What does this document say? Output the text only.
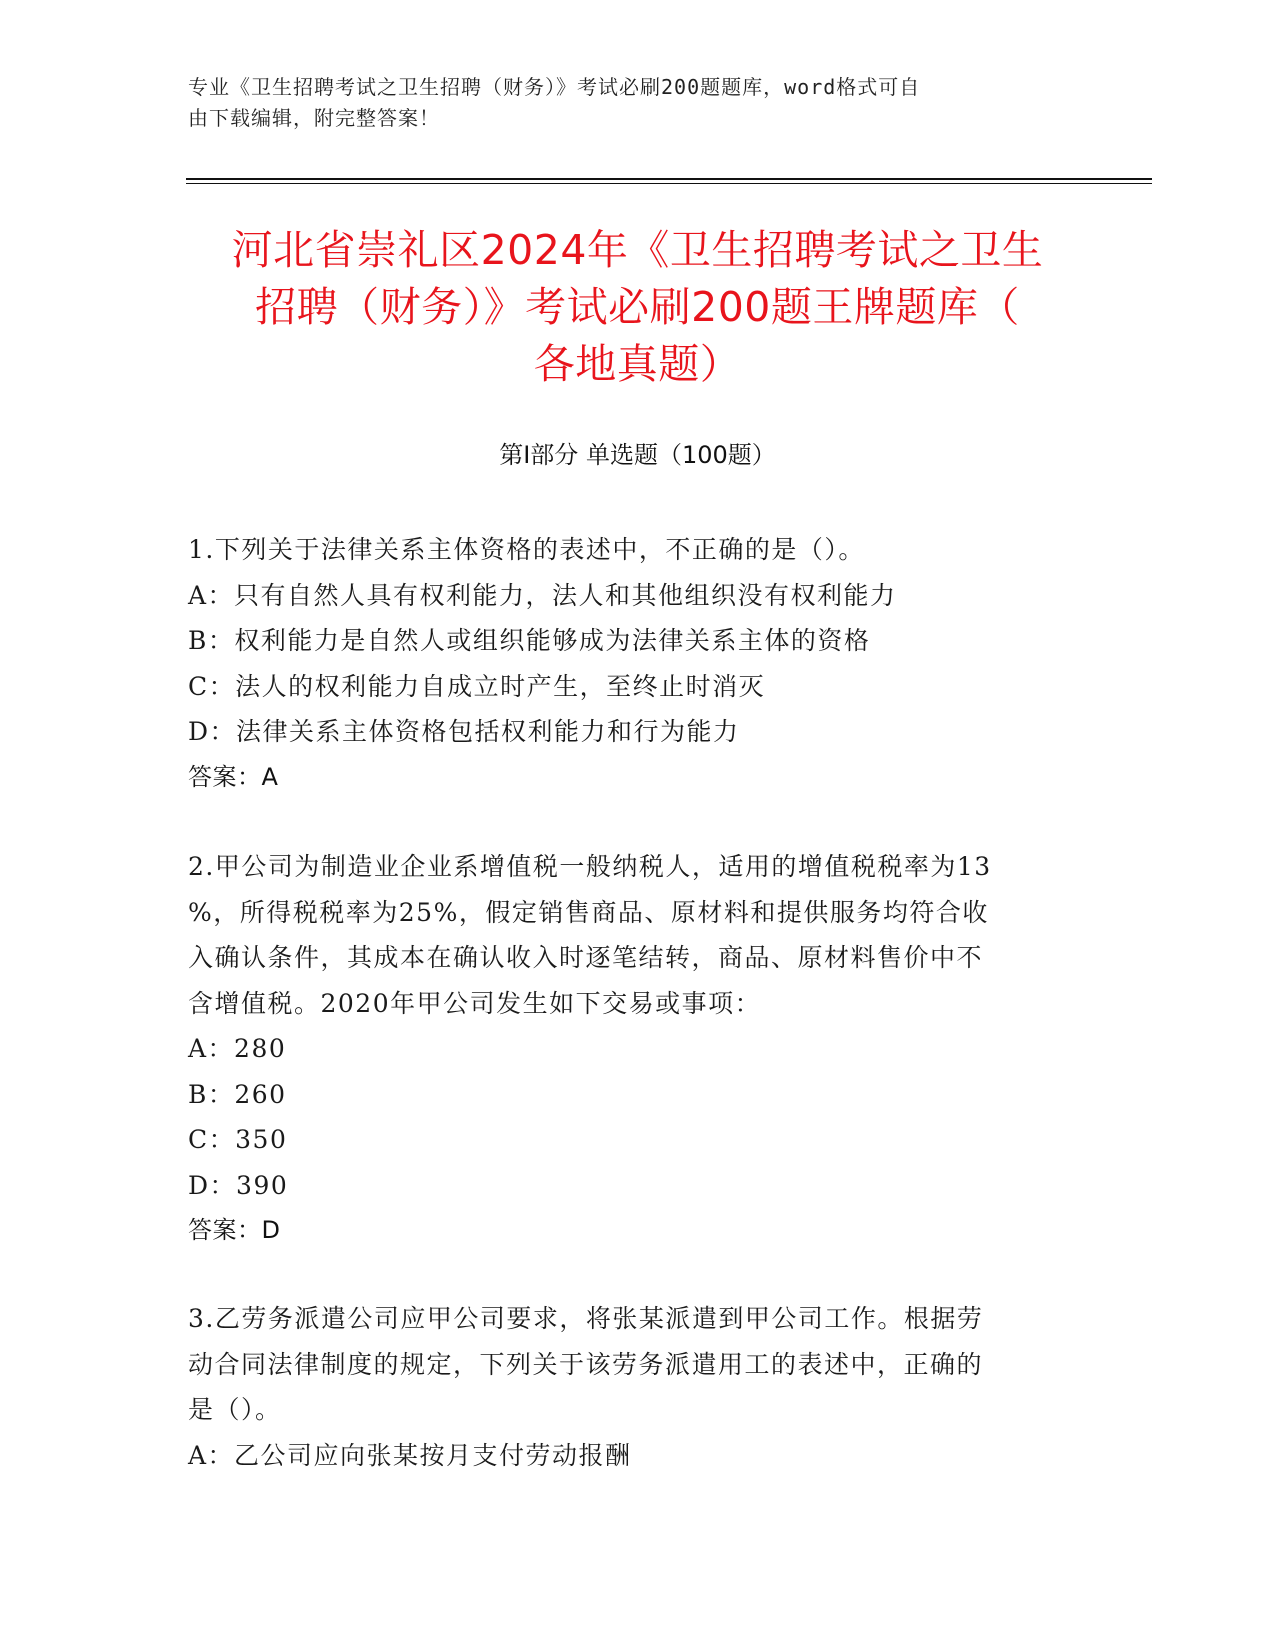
专业《卫生招聘考试之卫生招聘（财务）》考试必刷200题题库，word格式可自
由下载编辑，附完整答案！
河北省崇礼区2024年《卫生招聘考试之卫生
招聘（财务）》考试必刷200题王牌题库（
各地真题）
第I部分 单选题（100题）
1.下列关于法律关系主体资格的表述中，不正确的是（）。
A：只有自然人具有权利能力，法人和其他组织没有权利能力
B：权利能力是自然人或组织能够成为法律关系主体的资格
C：法人的权利能力自成立时产生，至终止时消灭
D：法律关系主体资格包括权利能力和行为能力
答案：A
2.甲公司为制造业企业系增值税一般纳税人，适用的增值税税率为13
%，所得税税率为25%，假定销售商品、原材料和提供服务均符合收
入确认条件，其成本在确认收入时逐笔结转，商品、原材料售价中不
含增值税。2020年甲公司发生如下交易或事项：
A：280
B：260
C：350
D：390
答案：D
3.乙劳务派遣公司应甲公司要求，将张某派遣到甲公司工作。根据劳
动合同法律制度的规定，下列关于该劳务派遣用工的表述中，正确的
是（）。
A：乙公司应向张某按月支付劳动报酬
